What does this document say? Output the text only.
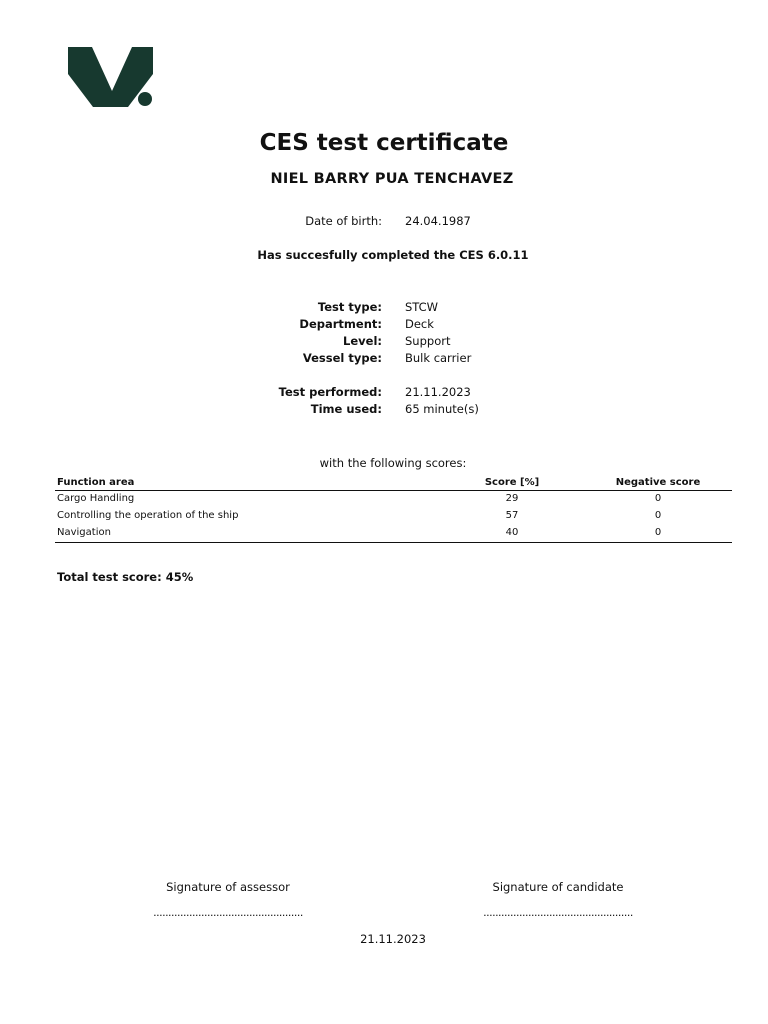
CES test certificate
NIEL BARRY PUA TENCHAVEZ
Date of birth: 24.04.1987
Has succesfully completed the CES 6.0.11
Test type: STCW
Department: Deck
Level: Support
Vessel type: Bulk carrier
Test performed: 21.11.2023
Time used: 65 minute(s)
with the following scores:
Function area	Score [%]	Negative score
Cargo Handling	29	0
Controlling the operation of the ship	57	0
Navigation	40	0
Total test score: 45%
Signature of assessor	Signature of candidate
..................................................	..................................................
21.11.2023
